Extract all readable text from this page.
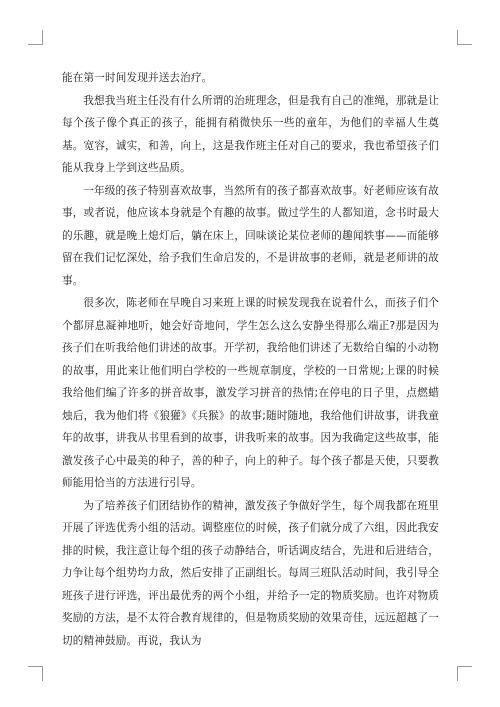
能在第一时间发现并送去治疗。

我想我当班主任没有什么所谓的治班理念，但是我有自己的准绳，那就是让每个孩子像个真正的孩子，能拥有稍微快乐一些的童年，为他们的幸福人生奠基。宽容，诚实，和善，向上，这是我作班主任对自己的要求，我也希望孩子们能从我身上学到这些品质。

一年级的孩子特别喜欢故事，当然所有的孩子都喜欢故事。好老师应该有故事，或者说，他应该本身就是个有趣的故事。做过学生的人都知道，念书时最大的乐趣，就是晚上熄灯后，躺在床上，回味谈论某位老师的趣闻轶事——而能够留在我们记忆深处，给予我们生命启发的，不是讲故事的老师，就是老师讲的故事。

很多次，陈老师在早晚自习来班上课的时候发现我在说着什么，而孩子们个个都屏息凝神地听，她会好奇地问，学生怎么这么安静坐得那么端正?那是因为孩子们在听我给他们讲述的故事。开学初，我给他们讲述了无数给自编的小动物的故事，用此来让他们明白学校的一些规章制度，学校的一日常规;上课的时候我给他们编了许多的拼音故事，激发学习拼音的热情;在停电的日子里，点燃蜡烛后，我为他们将《狼獾》《兵猴》的故事;随时随地，我给他们讲故事，讲我童年的故事，讲我从书里看到的故事，讲我听来的故事。因为我确定这些故事，能激发孩子心中最美的种子，善的种子，向上的种子。每个孩子都是天使，只要教师能用恰当的方法进行引导。

为了培养孩子们团结协作的精神，激发孩子争做好学生，每个周我都在班里开展了评选优秀小组的活动。调整座位的时候，孩子们就分成了六组，因此我安排的时候，我注意让每个组的孩子动静结合，听话调皮结合，先进和后进结合，力争让每个组势均力敌，然后安排了正副组长。每周三班队活动时间，我引导全班孩子进行评选，评出最优秀的两个小组，并给予一定的物质奖励。也许对物质奖励的方法，是不太符合教育规律的，但是物质奖励的效果奇佳，远远超越了一切的精神鼓励。再说，我认为
